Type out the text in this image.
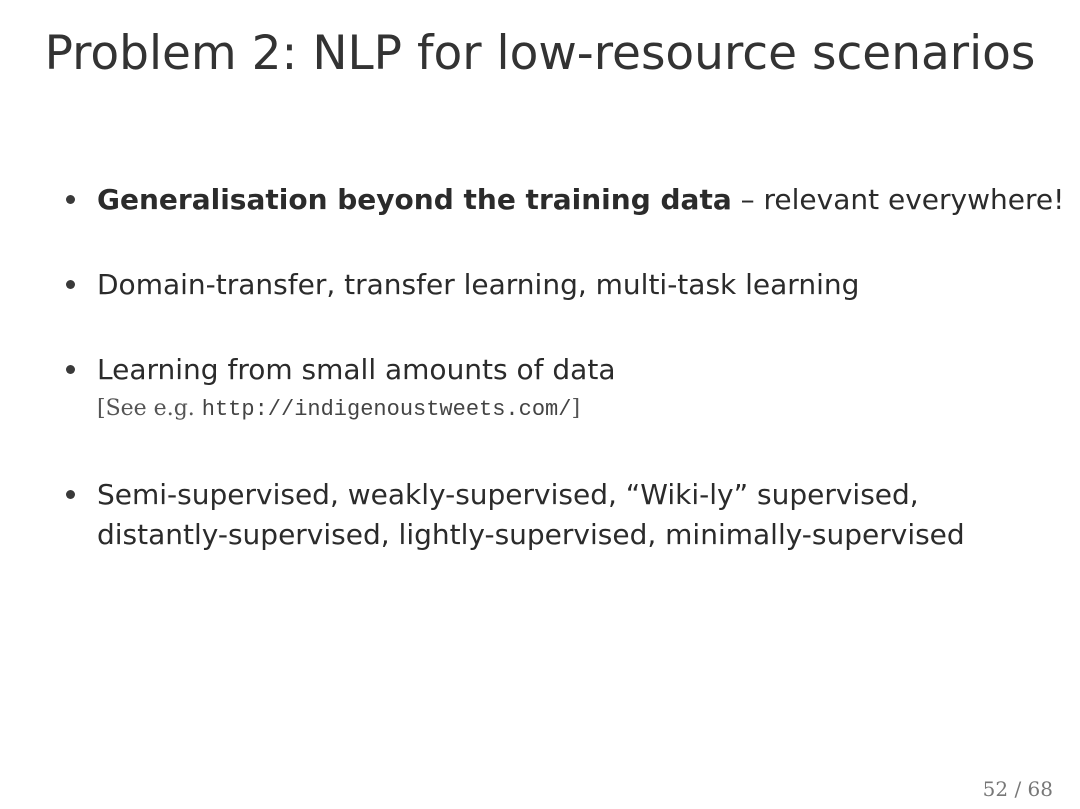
Problem 2: NLP for low-resource scenarios
Generalisation beyond the training data – relevant everywhere!
Domain-transfer, transfer learning, multi-task learning
Learning from small amounts of data
[See e.g. http://indigenoustweets.com/]
Semi-supervised, weakly-supervised, “Wiki-ly” supervised,
distantly-supervised, lightly-supervised, minimally-supervised
52 / 68
